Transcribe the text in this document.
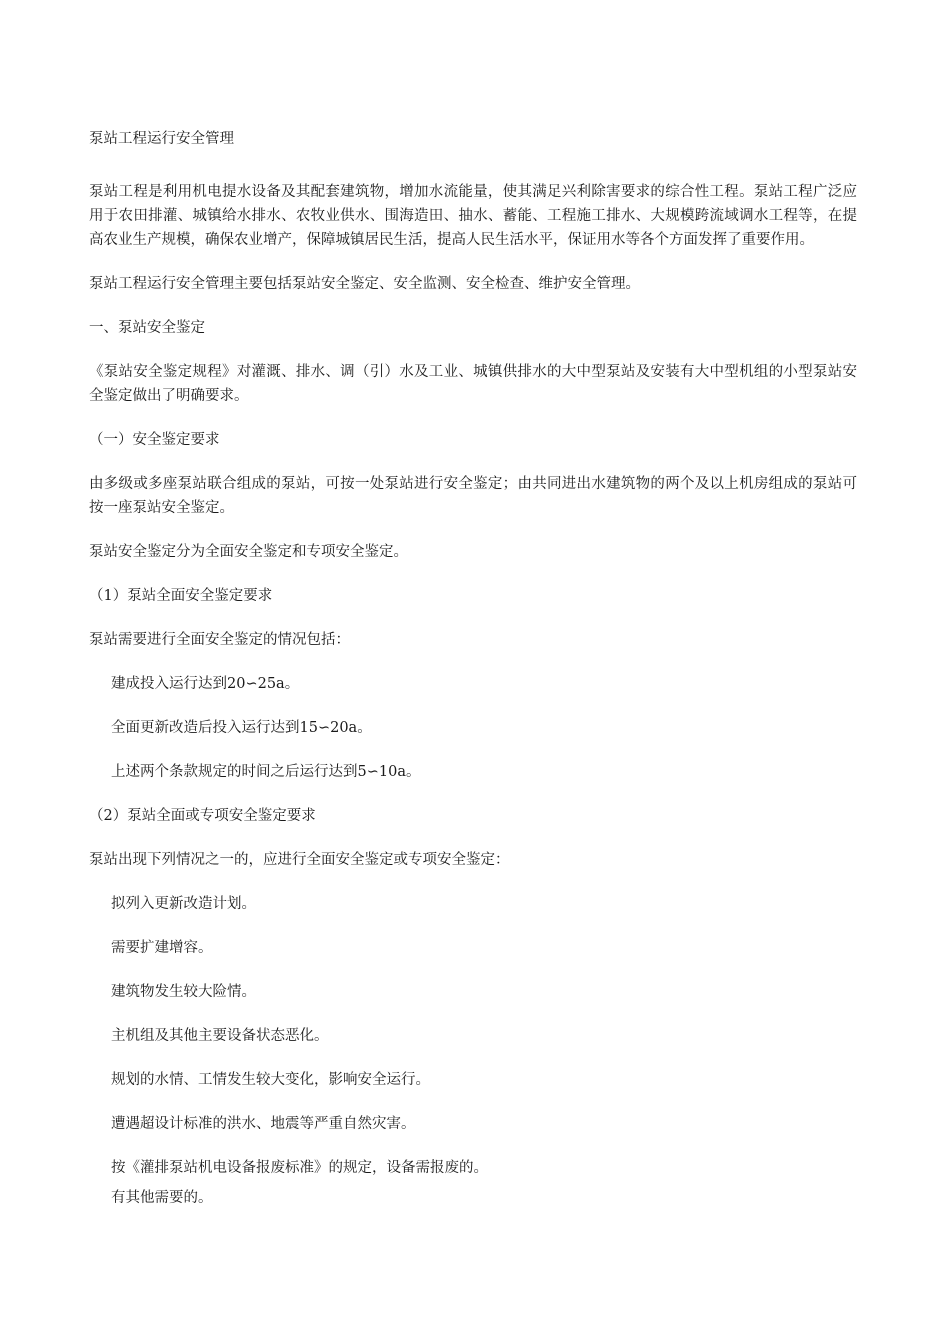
泵站工程运行安全管理

泵站工程是利用机电提水设备及其配套建筑物，增加水流能量，使其满足兴利除害要求的综合性工程。泵站工程广泛应用于农田排灌、城镇给水排水、农牧业供水、围海造田、抽水、蓄能、工程施工排水、大规模跨流域调水工程等，在提高农业生产规模，确保农业增产，保障城镇居民生活，提高人民生活水平，保证用水等各个方面发挥了重要作用。

泵站工程运行安全管理主要包括泵站安全鉴定、安全监测、安全检查、维护安全管理。

一、泵站安全鉴定

《泵站安全鉴定规程》对灌溉、排水、调（引）水及工业、城镇供排水的大中型泵站及安装有大中型机组的小型泵站安全鉴定做出了明确要求。

（一）安全鉴定要求

由多级或多座泵站联合组成的泵站，可按一处泵站进行安全鉴定；由共同进出水建筑物的两个及以上机房组成的泵站可按一座泵站安全鉴定。

泵站安全鉴定分为全面安全鉴定和专项安全鉴定。

（1）泵站全面安全鉴定要求

泵站需要进行全面安全鉴定的情况包括：

建成投入运行达到20∽25a。

全面更新改造后投入运行达到15∽20a。

上述两个条款规定的时间之后运行达到5∽10a。

（2）泵站全面或专项安全鉴定要求

泵站出现下列情况之一的，应进行全面安全鉴定或专项安全鉴定：

拟列入更新改造计划。

需要扩建增容。

建筑物发生较大险情。

主机组及其他主要设备状态恶化。

规划的水情、工情发生较大变化，影响安全运行。

遭遇超设计标准的洪水、地震等严重自然灾害。

按《灌排泵站机电设备报废标准》的规定，设备需报废的。

有其他需要的。
